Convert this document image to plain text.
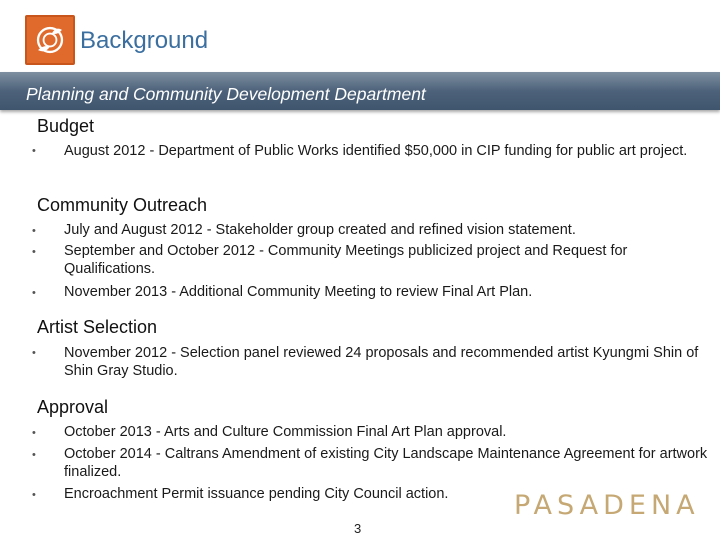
Background
Planning and Community Development Department
Budget
• August 2012 - Department of Public Works identified $50,000 in CIP funding for public art project.
Community Outreach
• July and August 2012 - Stakeholder group created and refined vision statement.
• September and October 2012 - Community Meetings publicized project and Request for Qualifications.
• November 2013 - Additional Community Meeting to review Final Art Plan.
Artist Selection
• November 2012 - Selection panel reviewed 24 proposals and recommended artist Kyungmi Shin of Shin Gray Studio.
Approval
• October 2013 - Arts and Culture Commission Final Art Plan approval.
• October 2014 - Caltrans Amendment of existing City Landscape Maintenance Agreement for artwork finalized.
• Encroachment Permit issuance pending City Council action.	PASADENA
3
